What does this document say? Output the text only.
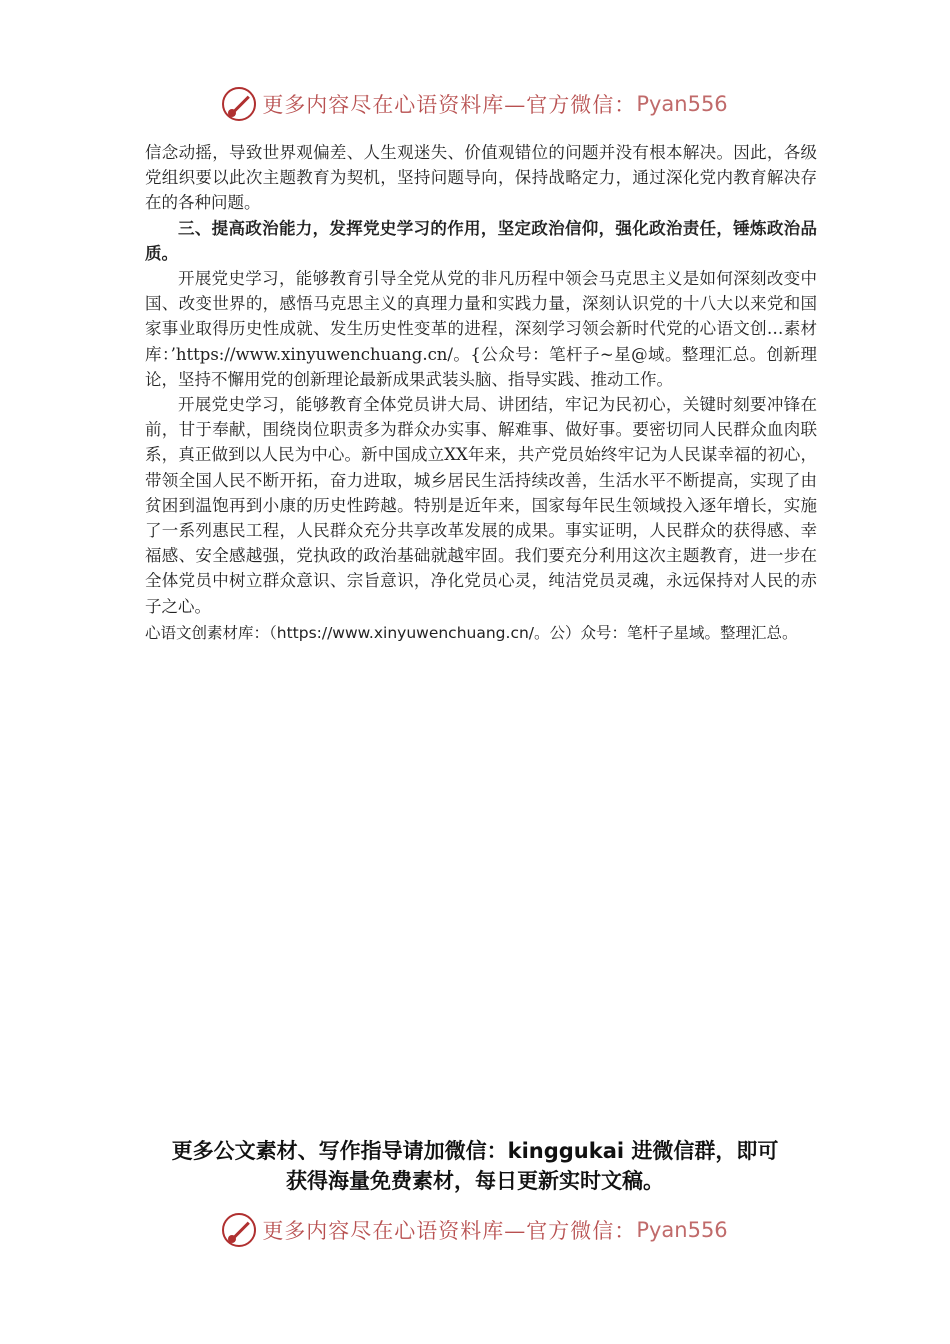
更多内容尽在心语资料库—官方微信： Pyan556

信念动摇，导致世界观偏差、人生观迷失、价值观错位的问题并没有根本解决。因此，各级党组织要以此次主题教育为契机，坚持问题导向，保持战略定力，通过深化党内教育解决存在的各种问题。

三、提高政治能力，发挥党史学习的作用，坚定政治信仰，强化政治责任，锤炼政治品质。

开展党史学习，能够教育引导全党从党的非凡历程中领会马克思主义是如何深刻改变中国、改变世界的，感悟马克思主义的真理力量和实践力量，深刻认识党的十八大以来党和国家事业取得历史性成就、发生历史性变革的进程，深刻学习领会新时代党的心语文创…素材库：’https://www.xinyuwenchuang.cn/。{公众号：笔杆子~星@域。整理汇总。创新理论，坚持不懈用党的创新理论最新成果武装头脑、指导实践、推动工作。

开展党史学习，能够教育全体党员讲大局、讲团结，牢记为民初心，关键时刻要冲锋在前，甘于奉献，围绕岗位职责多为群众办实事、解难事、做好事。要密切同人民群众血肉联系，真正做到以人民为中心。新中国成立XX年来，共产党员始终牢记为人民谋幸福的初心，带领全国人民不断开拓，奋力进取，城乡居民生活持续改善，生活水平不断提高，实现了由贫困到温饱再到小康的历史性跨越。特别是近年来，国家每年民生领域投入逐年增长，实施了一系列惠民工程，人民群众充分共享改革发展的成果。事实证明，人民群众的获得感、幸福感、安全感越强，党执政的政治基础就越牢固。我们要充分利用这次主题教育，进一步在全体党员中树立群众意识、宗旨意识，净化党员心灵，纯洁党员灵魂，永远保持对人民的赤子之心。

心语文创素材库：（https://www.xinyuwenchuang.cn/。公）众号：笔杆子星域。整理汇总。

更多公文素材、写作指导请加微信：kinggukai 进微信群，即可
获得海量免费素材，每日更新实时文稿。
更多内容尽在心语资料库—官方微信： Pyan556
